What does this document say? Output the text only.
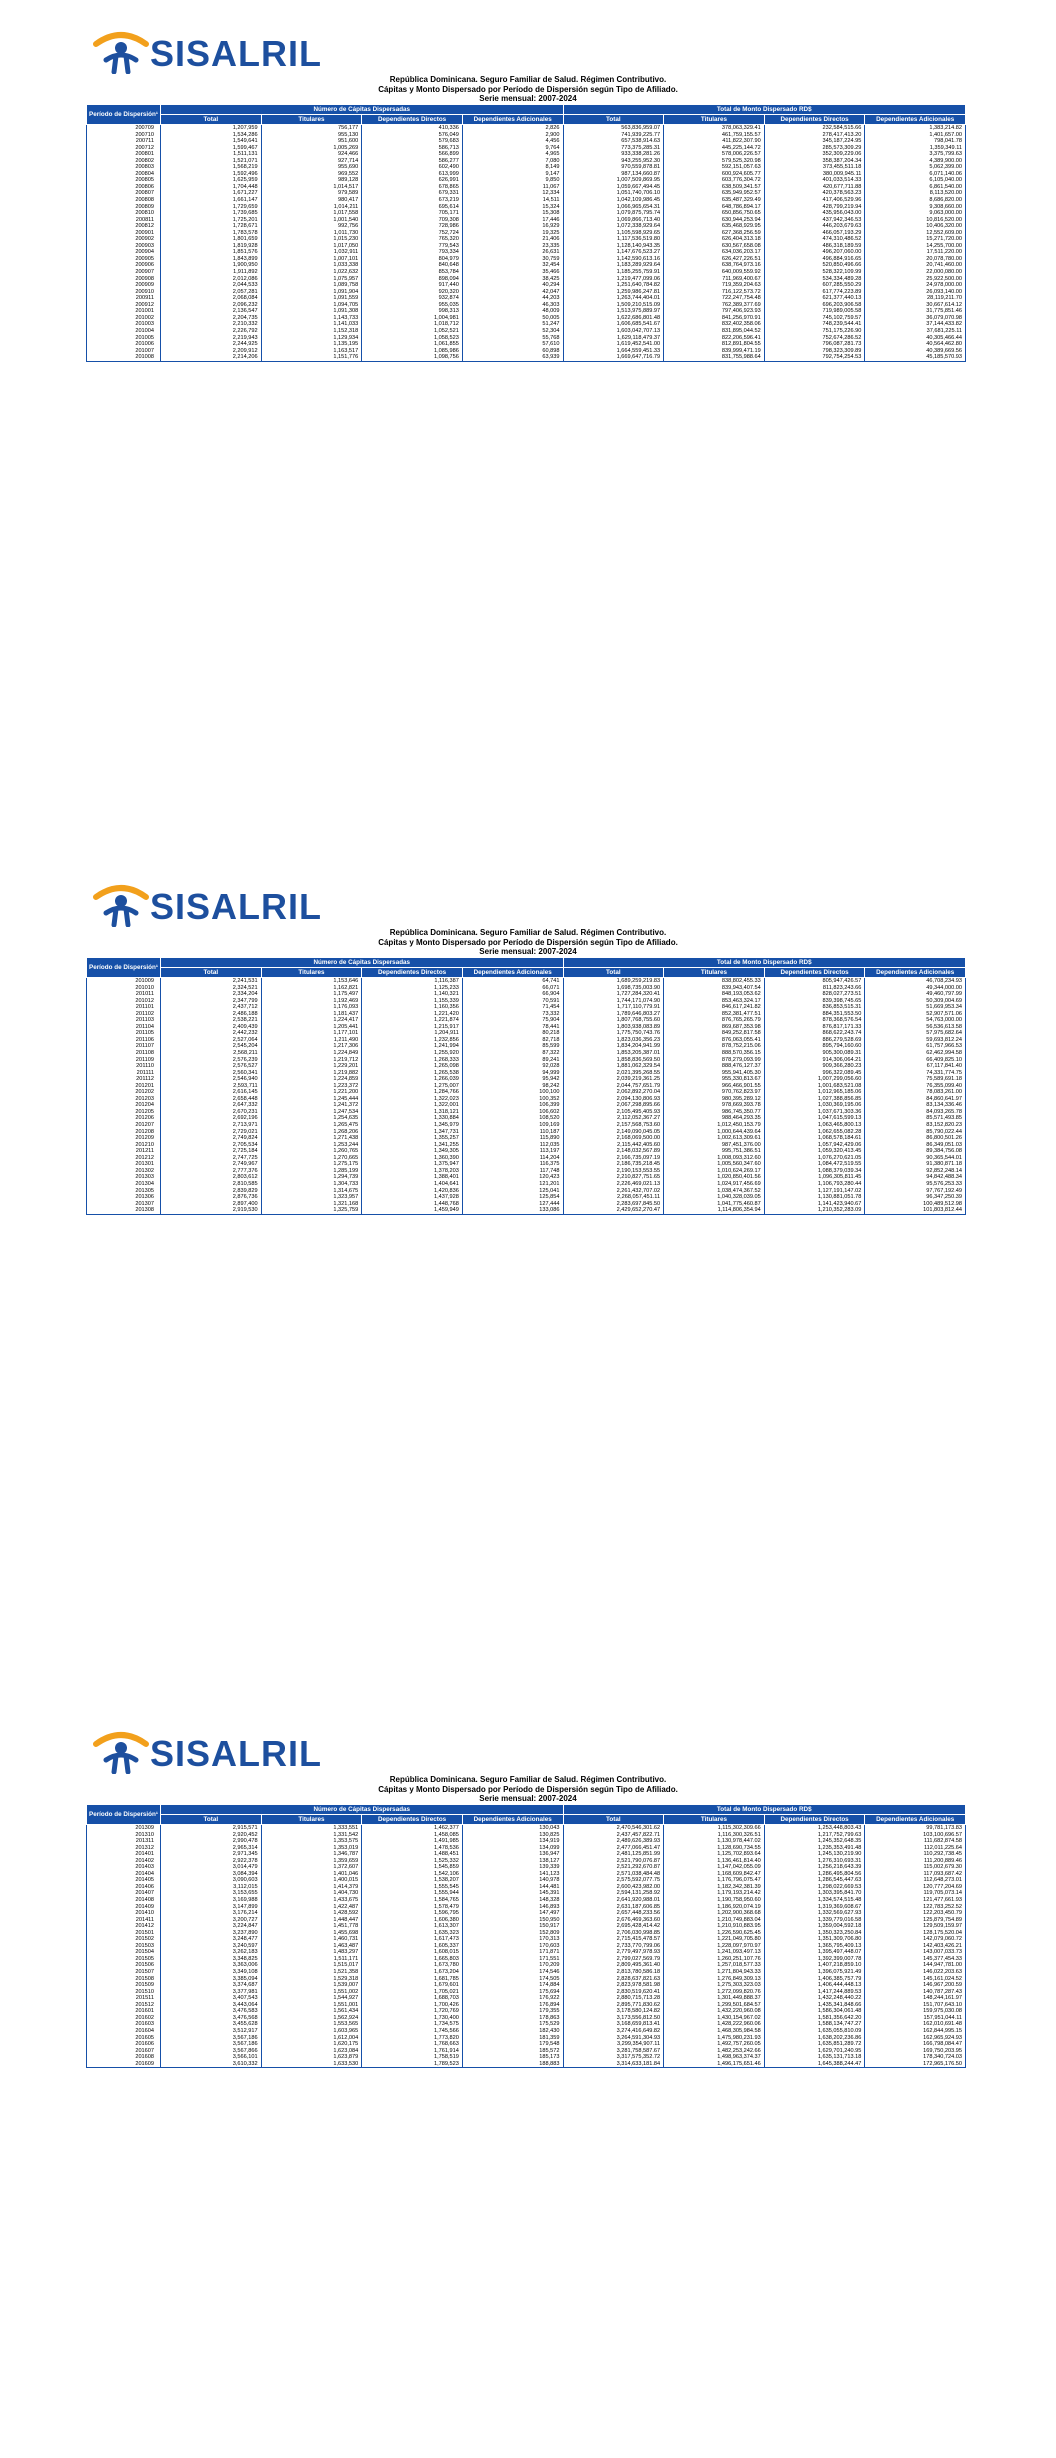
SISALRIL
República Dominicana. Seguro Familiar de Salud. Régimen Contributivo.
Cápitas y Monto Dispersado por Período de Dispersión según Tipo de Afiliado.
Serie mensual: 2007-2024
Período de Dispersión¹	Número de Cápitas Dispersadas				Total de Monto Dispersado RD$			
	Total	Titulares	Dependientes Directos	Dependientes Adicionales	Total	Titulares	Dependientes Directos	Dependientes Adicionales
200709	1,207,959	756,177	410,336	2,826	563,836,959.07	378,063,329.41	232,584,515.66	1,383,214.82
200710	1,534,286	955,130	576,049	2,900	741,939,225.77	461,759,155.57	278,417,413.20	1,401,657.00
200711	1,549,641	951,600	579,683	4,456	657,538,914.63	411,822,307.90	345,187,224.95	798,041.78
200712	1,599,467	1,005,269	586,713	9,764	773,375,285.31	445,225,144.72	285,573,309.29	1,359,349.11
200801	1,511,131	924,466	566,899	4,965	933,338,281.26	578,006,226.57	352,309,229.06	3,375,799.63
200802	1,521,071	927,714	586,277	7,080	943,255,952.30	579,525,320.98	358,387,204.34	4,389,900.00
200803	1,568,219	955,690	602,490	8,149	970,559,878.81	592,151,057.63	373,455,511.18	5,062,399.00
200804	1,592,496	969,552	613,999	9,147	987,134,660.87	600,924,605.77	380,009,945.11	6,071,140.06
200805	1,625,959	989,128	626,991	9,850	1,007,509,869.95	603,776,304.72	401,033,514.33	6,105,040.00
200806	1,704,448	1,014,517	678,865	11,067	1,059,667,494.45	638,509,341.57	420,677,711.88	6,861,540.00
200807	1,671,227	979,589	679,331	12,334	1,051,740,706.10	635,949,952.57	420,378,563.23	8,113,520.00
200808	1,661,147	980,417	673,219	14,511	1,042,109,986.45	635,487,329.49	417,406,529.96	8,686,820.00
200809	1,729,659	1,014,211	695,614	15,324	1,066,965,654.31	648,786,894.17	428,799,219.94	9,308,660.00
200810	1,739,685	1,017,558	705,171	15,308	1,079,875,795.74	650,856,750.65	435,956,043.00	9,063,000.00
200811	1,725,201	1,001,540	709,308	17,446	1,069,866,713.40	630,944,253.94	437,942,346.53	10,816,520.00
200812	1,728,671	992,756	728,986	16,929	1,072,338,929.64	635,468,929.95	446,203,679.63	10,406,320.00
200901	1,783,578	1,011,730	752,724	19,325	1,105,598,929.65	627,368,256.59	466,057,193.29	12,552,609.00
200902	1,801,659	1,015,230	765,320	21,406	1,117,536,519.80	626,404,313.18	474,310,486.52	15,271,720.00
200903	1,819,928	1,017,050	779,543	23,335	1,128,140,943.35	630,567,658.08	486,318,189.59	14,255,700.00
200904	1,851,576	1,032,911	793,334	26,631	1,147,676,523.27	634,036,203.17	496,207,060.00	17,511,220.00
200905	1,843,899	1,007,101	804,979	30,759	1,142,590,613.16	626,427,226.51	496,884,916.65	20,078,780.00
200906	1,900,950	1,033,338	840,648	32,454	1,183,289,929.64	638,764,973.16	520,850,496.66	20,741,460.00
200907	1,911,892	1,022,632	853,784	35,466	1,185,255,759.91	640,009,559.92	528,322,109.99	22,000,080.00
200908	2,012,086	1,075,957	898,094	38,425	1,219,477,099.06	711,969,400.67	534,334,489.28	25,922,500.00
200909	2,044,533	1,089,758	917,440	40,294	1,251,640,784.82	719,359,204.63	607,285,550.29	24,978,000.00
200910	2,057,281	1,091,904	920,320	42,047	1,259,986,247.81	716,122,573.72	617,774,223.89	26,093,140.00
200911	2,068,084	1,091,559	932,874	44,203	1,263,744,404.01	722,247,754.48	621,377,440.13	28,119,211.70
200912	2,096,232	1,094,705	955,035	46,303	1,509,210,515.09	762,389,377.69	696,203,906.58	30,667,614.12
201001	2,136,547	1,091,308	998,313	48,009	1,513,975,889.97	797,406,923.93	719,989,005.58	31,775,851.46
201002	2,204,735	1,143,733	1,004,981	50,005	1,622,686,801.48	841,256,970.91	745,102,759.57	36,079,070.98
201003	2,210,332	1,141,033	1,018,712	51,247	1,606,685,541.67	832,402,358.06	748,239,544.41	37,144,433.82
201004	2,226,792	1,152,318	1,052,521	52,304	1,603,042,707.13	831,895,044.52	751,175,226.90	37,681,225.11
201005	2,219,943	1,129,934	1,058,523	55,768	1,629,118,479.37	822,206,596.41	752,674,286.52	40,305,466.44
201006	2,244,925	1,135,195	1,061,855	57,610	1,619,452,541.00	812,891,804.55	796,087,281.73	40,564,462.80
201007	2,209,912	1,163,517	1,085,986	60,898	1,664,559,451.33	839,999,471.19	798,323,309.89	40,389,669.56
201008	2,214,206	1,151,776	1,098,756	63,939	1,669,647,716.79	831,755,988.64	792,754,254.53	45,185,570.93
SISALRIL
República Dominicana. Seguro Familiar de Salud. Régimen Contributivo.
Cápitas y Monto Dispersado por Período de Dispersión según Tipo de Afiliado.
Serie mensual: 2007-2024
Período de Dispersión¹	Número de Cápitas Dispersadas				Total de Monto Dispersado RD$			
	Total	Titulares	Dependientes Directos	Dependientes Adicionales	Total	Titulares	Dependientes Directos	Dependientes Adicionales
201009	2,241,531	1,153,646	1,116,387	64,741	1,689,259,219.83	838,802,455.33	805,947,426.57	46,708,234.93
201010	2,324,521	1,162,821	1,125,233	66,071	1,698,735,003.90	839,943,407.54	811,823,243.66	49,344,000.00
201011	2,334,204	1,175,497	1,140,321	66,904	1,727,284,320.41	848,193,053.62	828,027,273.51	49,460,797.99
201012	2,347,799	1,192,469	1,155,339	70,591	1,744,171,074.90	853,463,324.17	839,398,745.65	50,309,004.69
201101	2,437,712	1,176,093	1,160,356	71,454	1,717,110,779.91	846,617,241.82	836,853,515.31	51,669,953.34
201102	2,486,188	1,181,437	1,221,420	73,332	1,789,646,803.27	852,381,477.51	884,351,553.50	52,907,571.06
201103	2,538,221	1,224,417	1,221,874	75,904	1,807,768,755.60	876,765,265.79	878,368,576.54	54,763,000.00
201104	2,409,439	1,205,441	1,215,917	78,441	1,803,938,083.89	869,687,353.98	876,817,171.33	56,536,613.58
201105	2,442,232	1,177,101	1,204,911	80,218	1,775,750,743.76	849,252,817.58	868,622,243.74	57,975,682.64
201106	2,527,064	1,211,490	1,232,856	82,718	1,823,036,356.23	876,063,055.41	886,279,528.69	59,693,812.24
201107	2,545,204	1,217,306	1,241,994	85,599	1,834,204,941.99	878,752,215.06	895,794,160.60	61,757,966.53
201108	2,568,211	1,224,849	1,255,920	87,322	1,853,205,387.01	888,570,356.15	905,300,089.31	62,462,994.58
201109	2,576,239	1,219,712	1,268,333	89,241	1,858,836,569.50	878,279,093.99	914,306,064.21	66,409,825.10
201110	2,576,527	1,229,201	1,265,098	92,028	1,881,062,329.54	888,476,127.37	909,366,280.23	67,117,841.40
201111	2,560,341	1,219,882	1,265,538	94,999	2,021,395,268.55	955,941,405.30	996,322,089.45	74,331,774.75
201112	2,546,940	1,224,859	1,266,039	95,942	2,039,219,361.25	955,330,813.67	1,007,299,056.60	75,589,691.18
201201	2,593,711	1,223,372	1,275,007	98,242	2,044,757,651.79	966,466,901.55	1,001,683,521.08	76,355,099.40
201202	2,616,145	1,221,200	1,284,766	100,100	2,062,892,270.04	970,762,823.97	1,012,965,185.06	78,083,261.00
201203	2,658,448	1,245,444	1,322,023	100,352	2,094,130,806.93	980,395,289.12	1,027,388,856.85	84,860,641.97
201204	2,647,332	1,241,372	1,322,001	106,399	2,067,298,895.66	978,669,393.78	1,030,369,195.06	83,134,336.46
201205	2,670,231	1,247,534	1,318,121	106,602	2,105,495,405.93	986,745,350.77	1,037,671,303.36	84,093,265.78
201206	2,692,196	1,254,635	1,330,884	108,520	2,112,052,367.27	988,464,293.35	1,047,615,599.13	85,571,493.85
201207	2,713,971	1,265,475	1,345,979	109,169	2,157,568,753.60	1,012,450,153.79	1,063,465,800.13	83,152,820.23
201208	2,729,021	1,268,206	1,347,731	110,187	2,149,090,045.05	1,000,644,439.64	1,062,655,082.28	85,790,022.44
201209	2,749,824	1,271,438	1,355,257	115,890	2,168,069,500.00	1,002,613,309.61	1,068,578,184.61	86,800,501.26
201210	2,705,534	1,253,244	1,341,255	112,035	2,115,442,405.60	987,451,376.00	1,057,942,429.06	86,349,051.03
201211	2,725,184	1,260,765	1,349,305	113,197	2,148,032,567.89	995,751,386.51	1,059,320,413.45	89,384,756.08
201212	2,747,725	1,270,665	1,360,390	114,204	2,166,735,097.19	1,008,093,312.60	1,076,270,621.05	90,365,544.01
201301	2,749,967	1,275,175	1,375,947	116,375	2,186,735,218.45	1,005,560,347.60	1,084,472,519.55	91,380,871.18
201302	2,777,376	1,285,199	1,378,203	117,748	2,190,153,553.55	1,010,624,269.17	1,088,379,039.34	92,852,248.14
201303	2,803,612	1,294,739	1,388,401	120,423	2,210,827,751.65	1,020,850,401.56	1,096,305,811.45	94,842,488.34
201304	2,810,585	1,304,733	1,404,641	121,201	2,226,469,021.13	1,024,917,456.69	1,106,793,280.44	95,576,253.33
201305	2,839,829	1,314,675	1,420,836	125,041	2,261,432,707.02	1,038,474,367.52	1,127,191,147.02	97,767,192.49
201306	2,876,736	1,323,957	1,437,928	125,854	2,268,057,451.11	1,040,328,039.05	1,130,881,051.78	96,347,250.39
201307	2,897,400	1,321,168	1,448,768	127,444	2,283,697,845.50	1,041,775,460.87	1,141,423,940.67	100,489,512.98
201308	2,919,530	1,325,759	1,459,949	133,086	2,429,652,270.47	1,114,806,354.94	1,210,352,283.09	101,803,812.44
SISALRIL
República Dominicana. Seguro Familiar de Salud. Régimen Contributivo.
Cápitas y Monto Dispersado por Período de Dispersión según Tipo de Afiliado.
Serie mensual: 2007-2024
Período de Dispersión¹	Número de Cápitas Dispersadas				Total de Monto Dispersado RD$			
	Total	Titulares	Dependientes Directos	Dependientes Adicionales	Total	Titulares	Dependientes Directos	Dependientes Adicionales
201309	2,915,571	1,333,551	1,462,377	130,043	2,470,546,301.62	1,115,302,309.66	1,253,448,803.43	99,781,173.83
201310	2,920,452	1,331,542	1,458,085	130,825	2,437,457,822.71	1,116,300,326.51	1,217,752,799.63	103,100,696.57
201311	2,990,478	1,353,575	1,491,985	134,919	2,489,626,389.93	1,130,978,447.02	1,245,352,648.35	111,682,874.58
201312	2,965,314	1,353,019	1,478,536	134,099	2,477,066,451.47	1,128,690,734.55	1,235,353,491.48	112,011,225.64
201401	2,971,345	1,346,787	1,488,451	136,947	2,481,125,851.99	1,125,702,893.64	1,245,130,219.90	110,292,738.45
201402	2,922,378	1,359,659	1,525,332	138,127	2,521,790,076.87	1,136,461,814.40	1,276,310,693.31	111,200,889.46
201403	3,014,479	1,372,607	1,545,859	139,339	2,521,292,670.87	1,147,042,055.09	1,256,218,643.39	115,002,679.30
201404	3,084,394	1,401,046	1,542,106	141,123	2,571,038,484.48	1,168,609,842.47	1,286,495,804.56	117,093,687.42
201405	3,090,603	1,400,015	1,538,207	140,978	2,575,592,077.75	1,176,796,075.47	1,286,545,447.63	112,648,273.01
201406	3,112,015	1,414,379	1,555,545	144,481	2,600,423,982.00	1,182,342,381.39	1,298,022,669.53	120,777,204.69
201407	3,153,655	1,404,730	1,555,944	145,391	2,594,131,258.92	1,179,193,214.42	1,303,395,841.70	119,705,073.14
201408	3,169,988	1,433,675	1,584,765	148,328	2,641,920,988.01	1,190,758,950.60	1,334,574,515.48	121,477,661.93
201409	3,147,899	1,422,487	1,578,479	146,893	2,631,187,606.85	1,186,920,074.19	1,319,369,608.67	122,783,252.52
201410	3,176,214	1,428,592	1,596,795	147,497	2,657,448,233.56	1,202,900,368.68	1,332,569,627.93	122,203,450.79
201411	3,200,727	1,448,447	1,606,380	150,950	2,676,469,363.60	1,210,749,883.04	1,339,779,016.58	125,879,754.89
201412	3,224,847	1,451,778	1,613,307	150,917	2,695,428,414.42	1,210,910,883.95	1,359,004,592.18	129,509,159.97
201501	3,237,890	1,455,698	1,635,323	152,809	2,706,030,998.85	1,226,590,625.45	1,350,323,250.84	128,175,520.04
201502	3,248,477	1,460,731	1,617,473	170,313	2,715,415,478.57	1,221,049,705.80	1,351,309,706.80	142,079,060.72
201503	3,240,597	1,463,487	1,605,337	170,603	2,733,770,799.06	1,228,097,970.97	1,365,795,409.13	142,403,426.21
201504	3,262,183	1,483,297	1,608,015	171,871	2,779,497,978.93	1,241,093,497.13	1,395,497,448.07	143,007,033.73
201505	3,348,825	1,511,171	1,665,803	171,551	2,799,027,569.79	1,260,251,107.76	1,392,399,007.78	145,377,454.33
201506	3,363,006	1,515,017	1,673,780	170,209	2,809,495,361.40	1,257,018,577.33	1,407,218,859.10	144,947,781.00
201507	3,349,108	1,521,358	1,673,204	174,546	2,813,780,586.18	1,271,804,943.33	1,396,075,921.49	146,022,203.63
201508	3,385,094	1,529,318	1,681,785	174,505	2,828,637,821.63	1,276,849,309.13	1,406,385,757.79	145,161,024.52
201509	3,374,687	1,539,007	1,679,601	174,884	2,823,978,581.98	1,275,303,323.03	1,406,444,448.13	146,967,200.59
201510	3,377,981	1,551,002	1,705,021	175,694	2,830,519,620.41	1,272,099,820.76	1,417,244,889.53	140,787,287.43
201511	3,407,543	1,544,927	1,688,703	176,922	2,880,715,713.28	1,301,449,888.37	1,432,248,440.22	148,244,161.97
201512	3,443,064	1,551,001	1,700,426	176,894	2,895,771,830.62	1,299,501,684.57	1,435,341,848.66	151,707,643.10
201601	3,476,583	1,561,434	1,720,769	179,355	3,178,580,124.82	1,432,220,960.08	1,586,304,061.48	159,975,030.08
201602	3,476,568	1,562,924	1,730,400	178,863	3,173,556,812.50	1,430,154,967.02	1,581,356,642.20	157,951,044.11
201603	3,455,628	1,553,565	1,734,575	175,529	3,168,659,813.41	1,428,222,960.06	1,588,134,747.27	162,010,691.48
201604	3,512,917	1,603,965	1,745,566	182,430	3,274,416,649.82	1,468,305,984.58	1,635,055,810.09	162,844,995.15
201605	3,567,186	1,612,004	1,773,820	181,359	3,264,591,304.93	1,475,980,231.93	1,638,202,236.86	162,965,924.93
201606	3,567,186	1,620,175	1,768,663	179,548	3,299,354,907.11	1,492,757,260.05	1,635,851,289.72	166,798,084.47
201607	3,567,866	1,623,084	1,761,914	185,572	3,281,758,587.67	1,482,253,242.66	1,629,701,240.95	169,750,203.95
201608	3,566,101	1,623,879	1,758,519	185,173	3,317,575,352.72	1,498,963,374.37	1,635,131,713.18	178,340,724.03
201609	3,610,332	1,633,530	1,789,523	188,883	3,314,633,181.84	1,496,175,651.46	1,645,388,244.47	172,965,176.50
